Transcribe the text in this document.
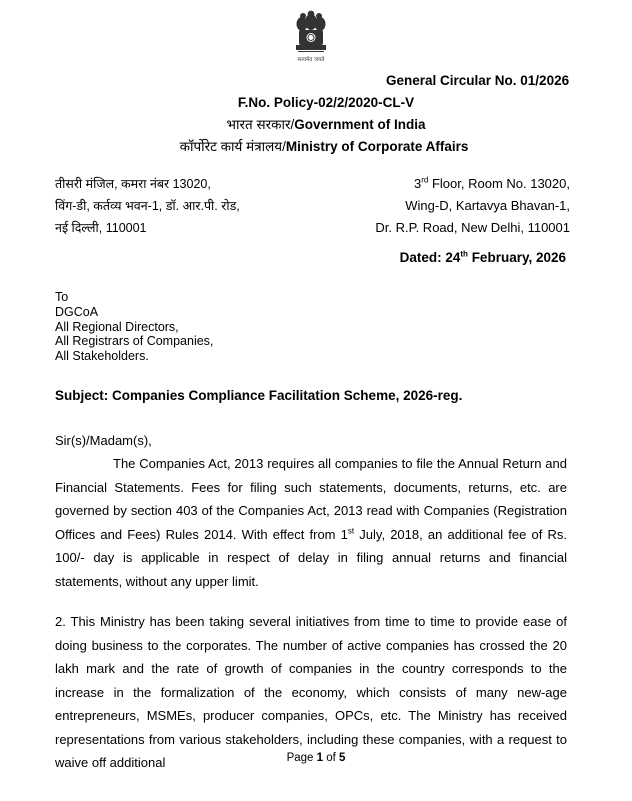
सत्यमेव जयते
General Circular No. 01/2026
F.No. Policy-02/2/2020-CL-V
भारत सरकार/Government of India
कॉर्पोरेट कार्य मंत्रालय/Ministry of Corporate Affairs
तीसरी मंजिल, कमरा नंबर 13020,
विंग-डी, कर्तव्य भवन-1, डॉ. आर.पी. रोड,
नई दिल्ली, 110001
3rd Floor, Room No. 13020,
Wing-D, Kartavya Bhavan-1,
Dr. R.P. Road, New Delhi, 110001
Dated: 24th February, 2026
To
DGCoA
All Regional Directors,
All Registrars of Companies,
All Stakeholders.
Subject: Companies Compliance Facilitation Scheme, 2026-reg.
Sir(s)/Madam(s),
The Companies Act, 2013 requires all companies to file the Annual Return and Financial Statements. Fees for filing such statements, documents, returns, etc. are governed by section 403 of the Companies Act, 2013 read with Companies (Registration Offices and Fees) Rules 2014. With effect from 1st July, 2018, an additional fee of Rs. 100/- day is applicable in respect of delay in filing annual returns and financial statements, without any upper limit.
2. This Ministry has been taking several initiatives from time to time to provide ease of doing business to the corporates. The number of active companies has crossed the 20 lakh mark and the rate of growth of companies in the country corresponds to the increase in the formalization of the economy, which consists of many new-age entrepreneurs, MSMEs, producer companies, OPCs, etc. The Ministry has received representations from various stakeholders, including these companies, with a request to waive off additional	Page 1 of 5
